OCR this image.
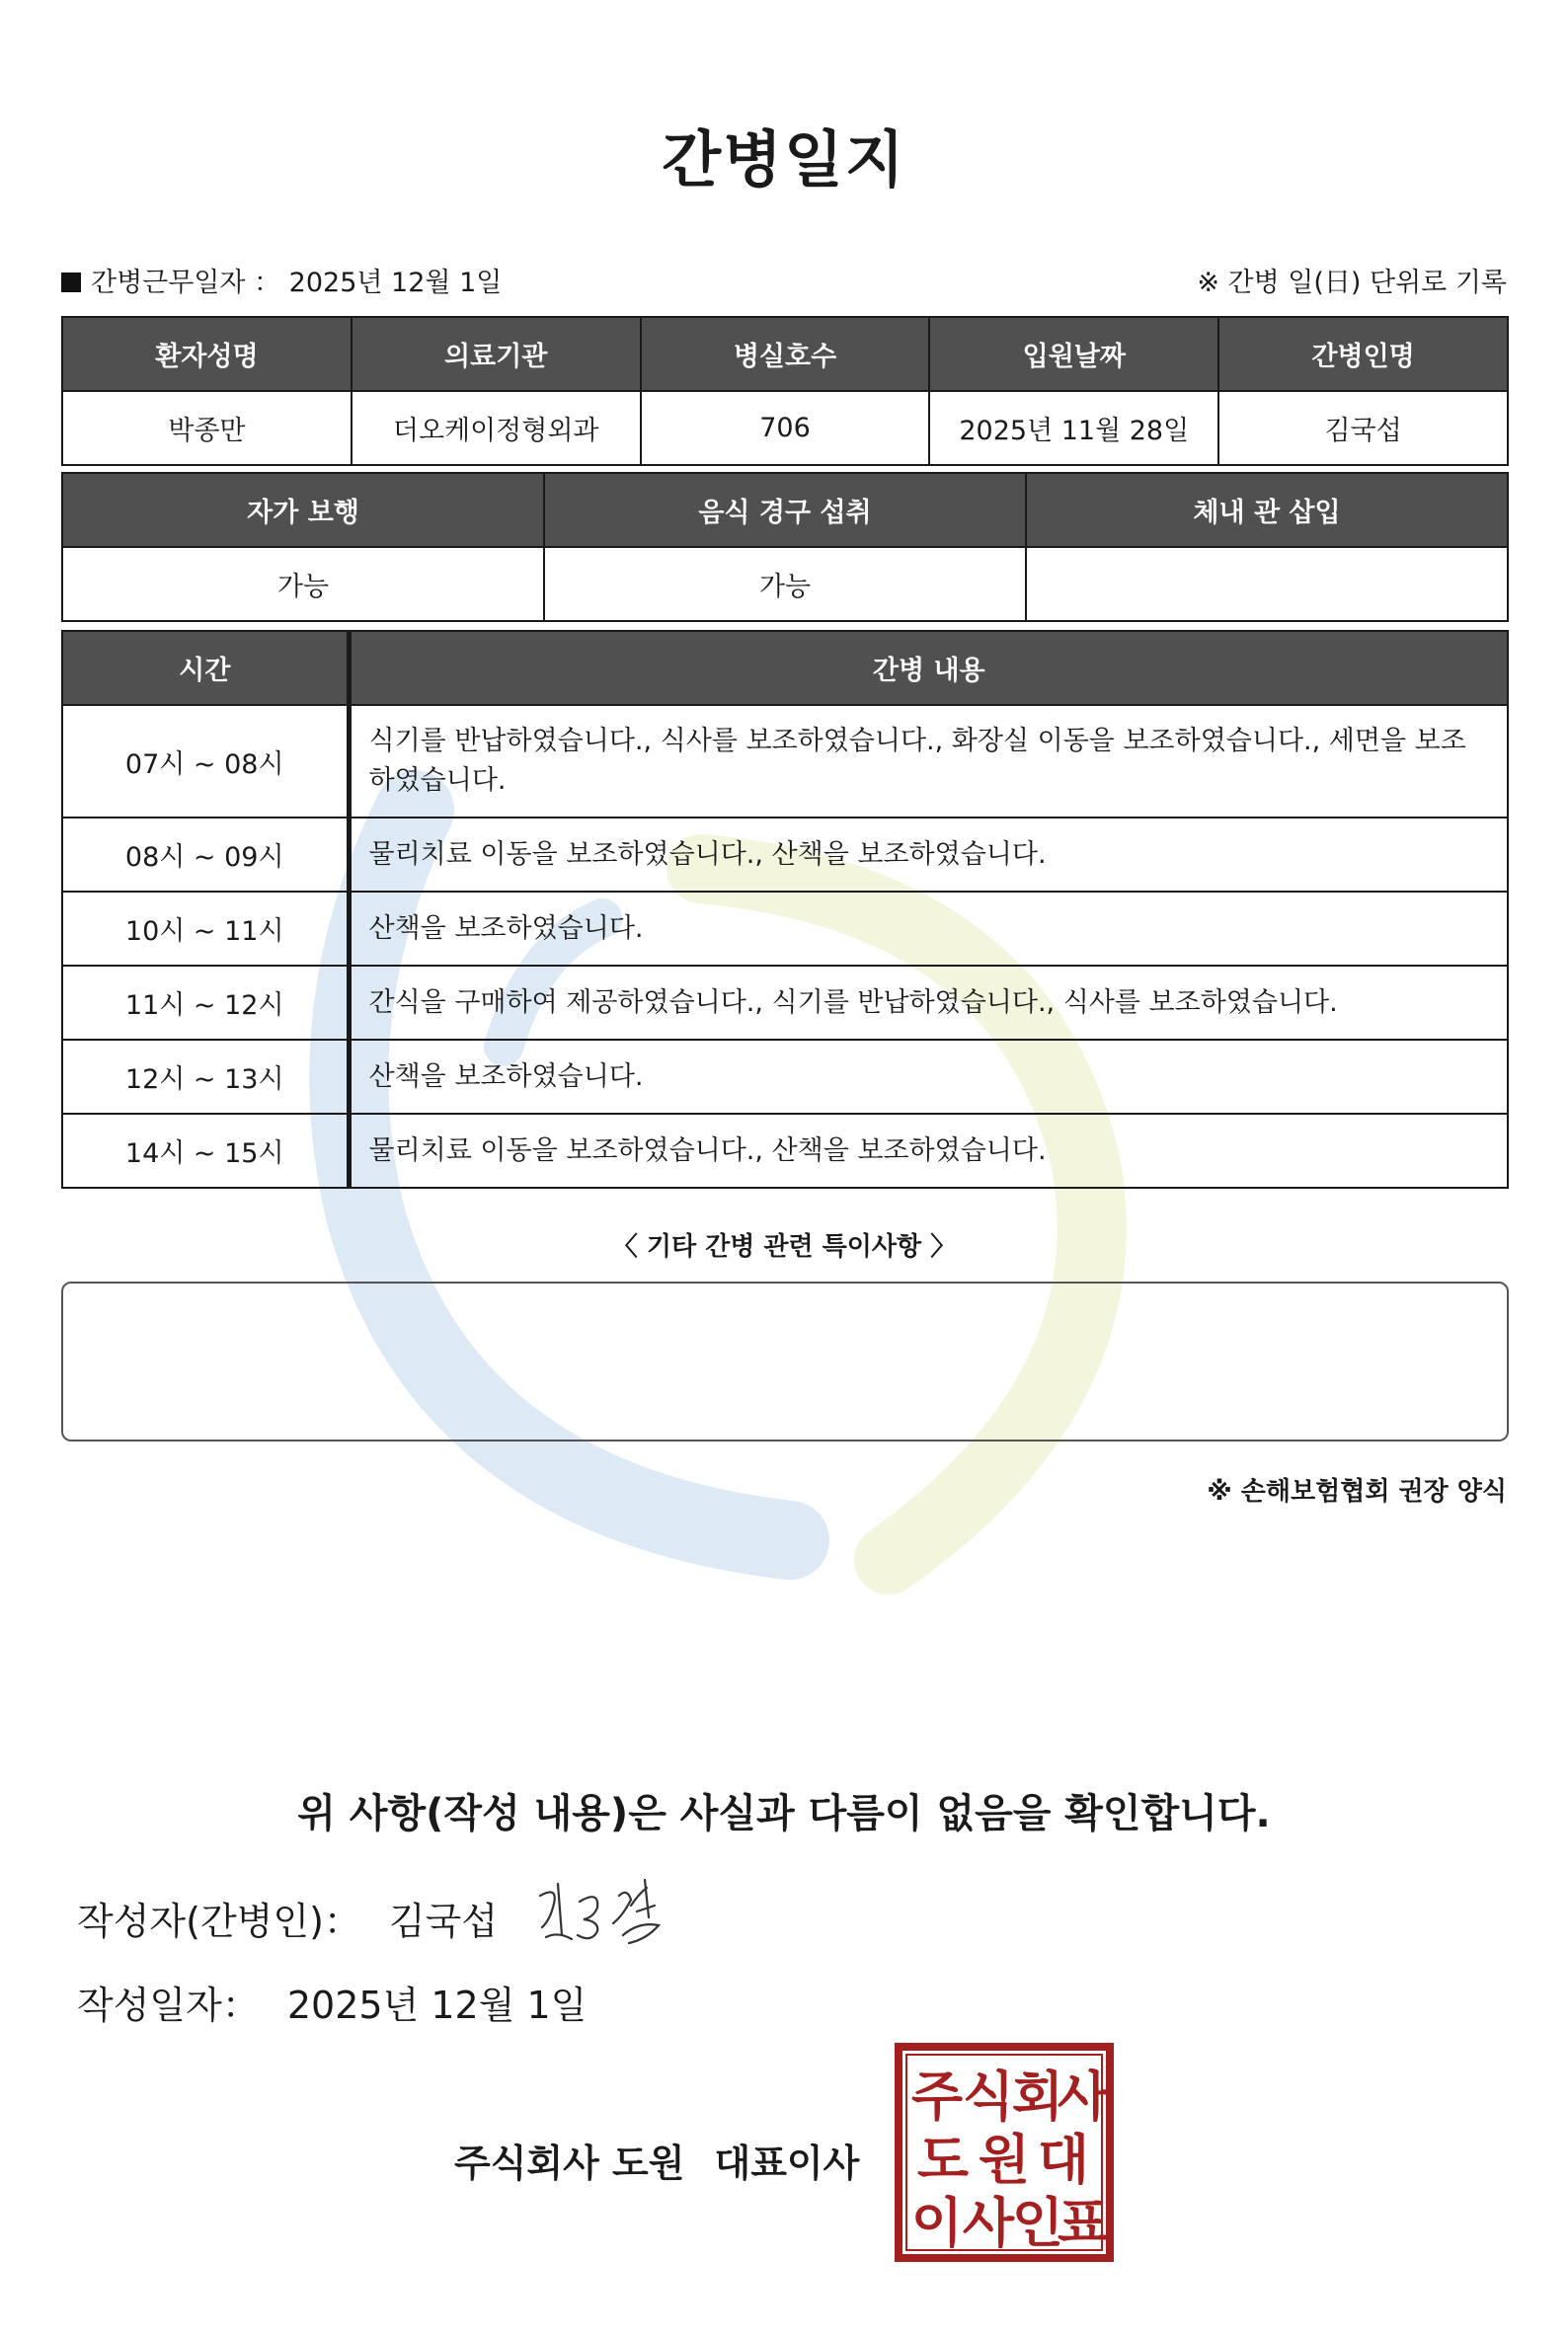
간병일지
간병근무일자 ： 2025년 12월 1일	※ 간병 일(日) 단위로 기록
환자성명	의료기관	병실호수	입원날짜	간병인명
박종만	더오케이정형외과	706	2025년 11월 28일	김국섭
자가 보행	음식 경구 섭취	체내 관 삽입
가능	가능	
시간	간병 내용
07시 ~ 08시	식기를 반납하였습니다., 식사를 보조하였습니다., 화장실 이동을 보조하였습니다., 세면을 보조하였습니다.
08시 ~ 09시	물리치료 이동을 보조하였습니다., 산책을 보조하였습니다.
10시 ~ 11시	산책을 보조하였습니다.
11시 ~ 12시	간식을 구매하여 제공하였습니다., 식기를 반납하였습니다., 식사를 보조하였습니다.
12시 ~ 13시	산책을 보조하였습니다.
14시 ~ 15시	물리치료 이동을 보조하였습니다., 산책을 보조하였습니다.
〈 기타 간병 관련 특이사항 〉
※ 손해보험협회 권장 양식
위 사항(작성 내용)은 사실과 다름이 없음을 확인합니다.
작성자(간병인)： 김국섭
작성일자： 2025년 12월 1일
주식회사 도원 대표이사
주 식
회
사
도 원 대
이 사
인
표
